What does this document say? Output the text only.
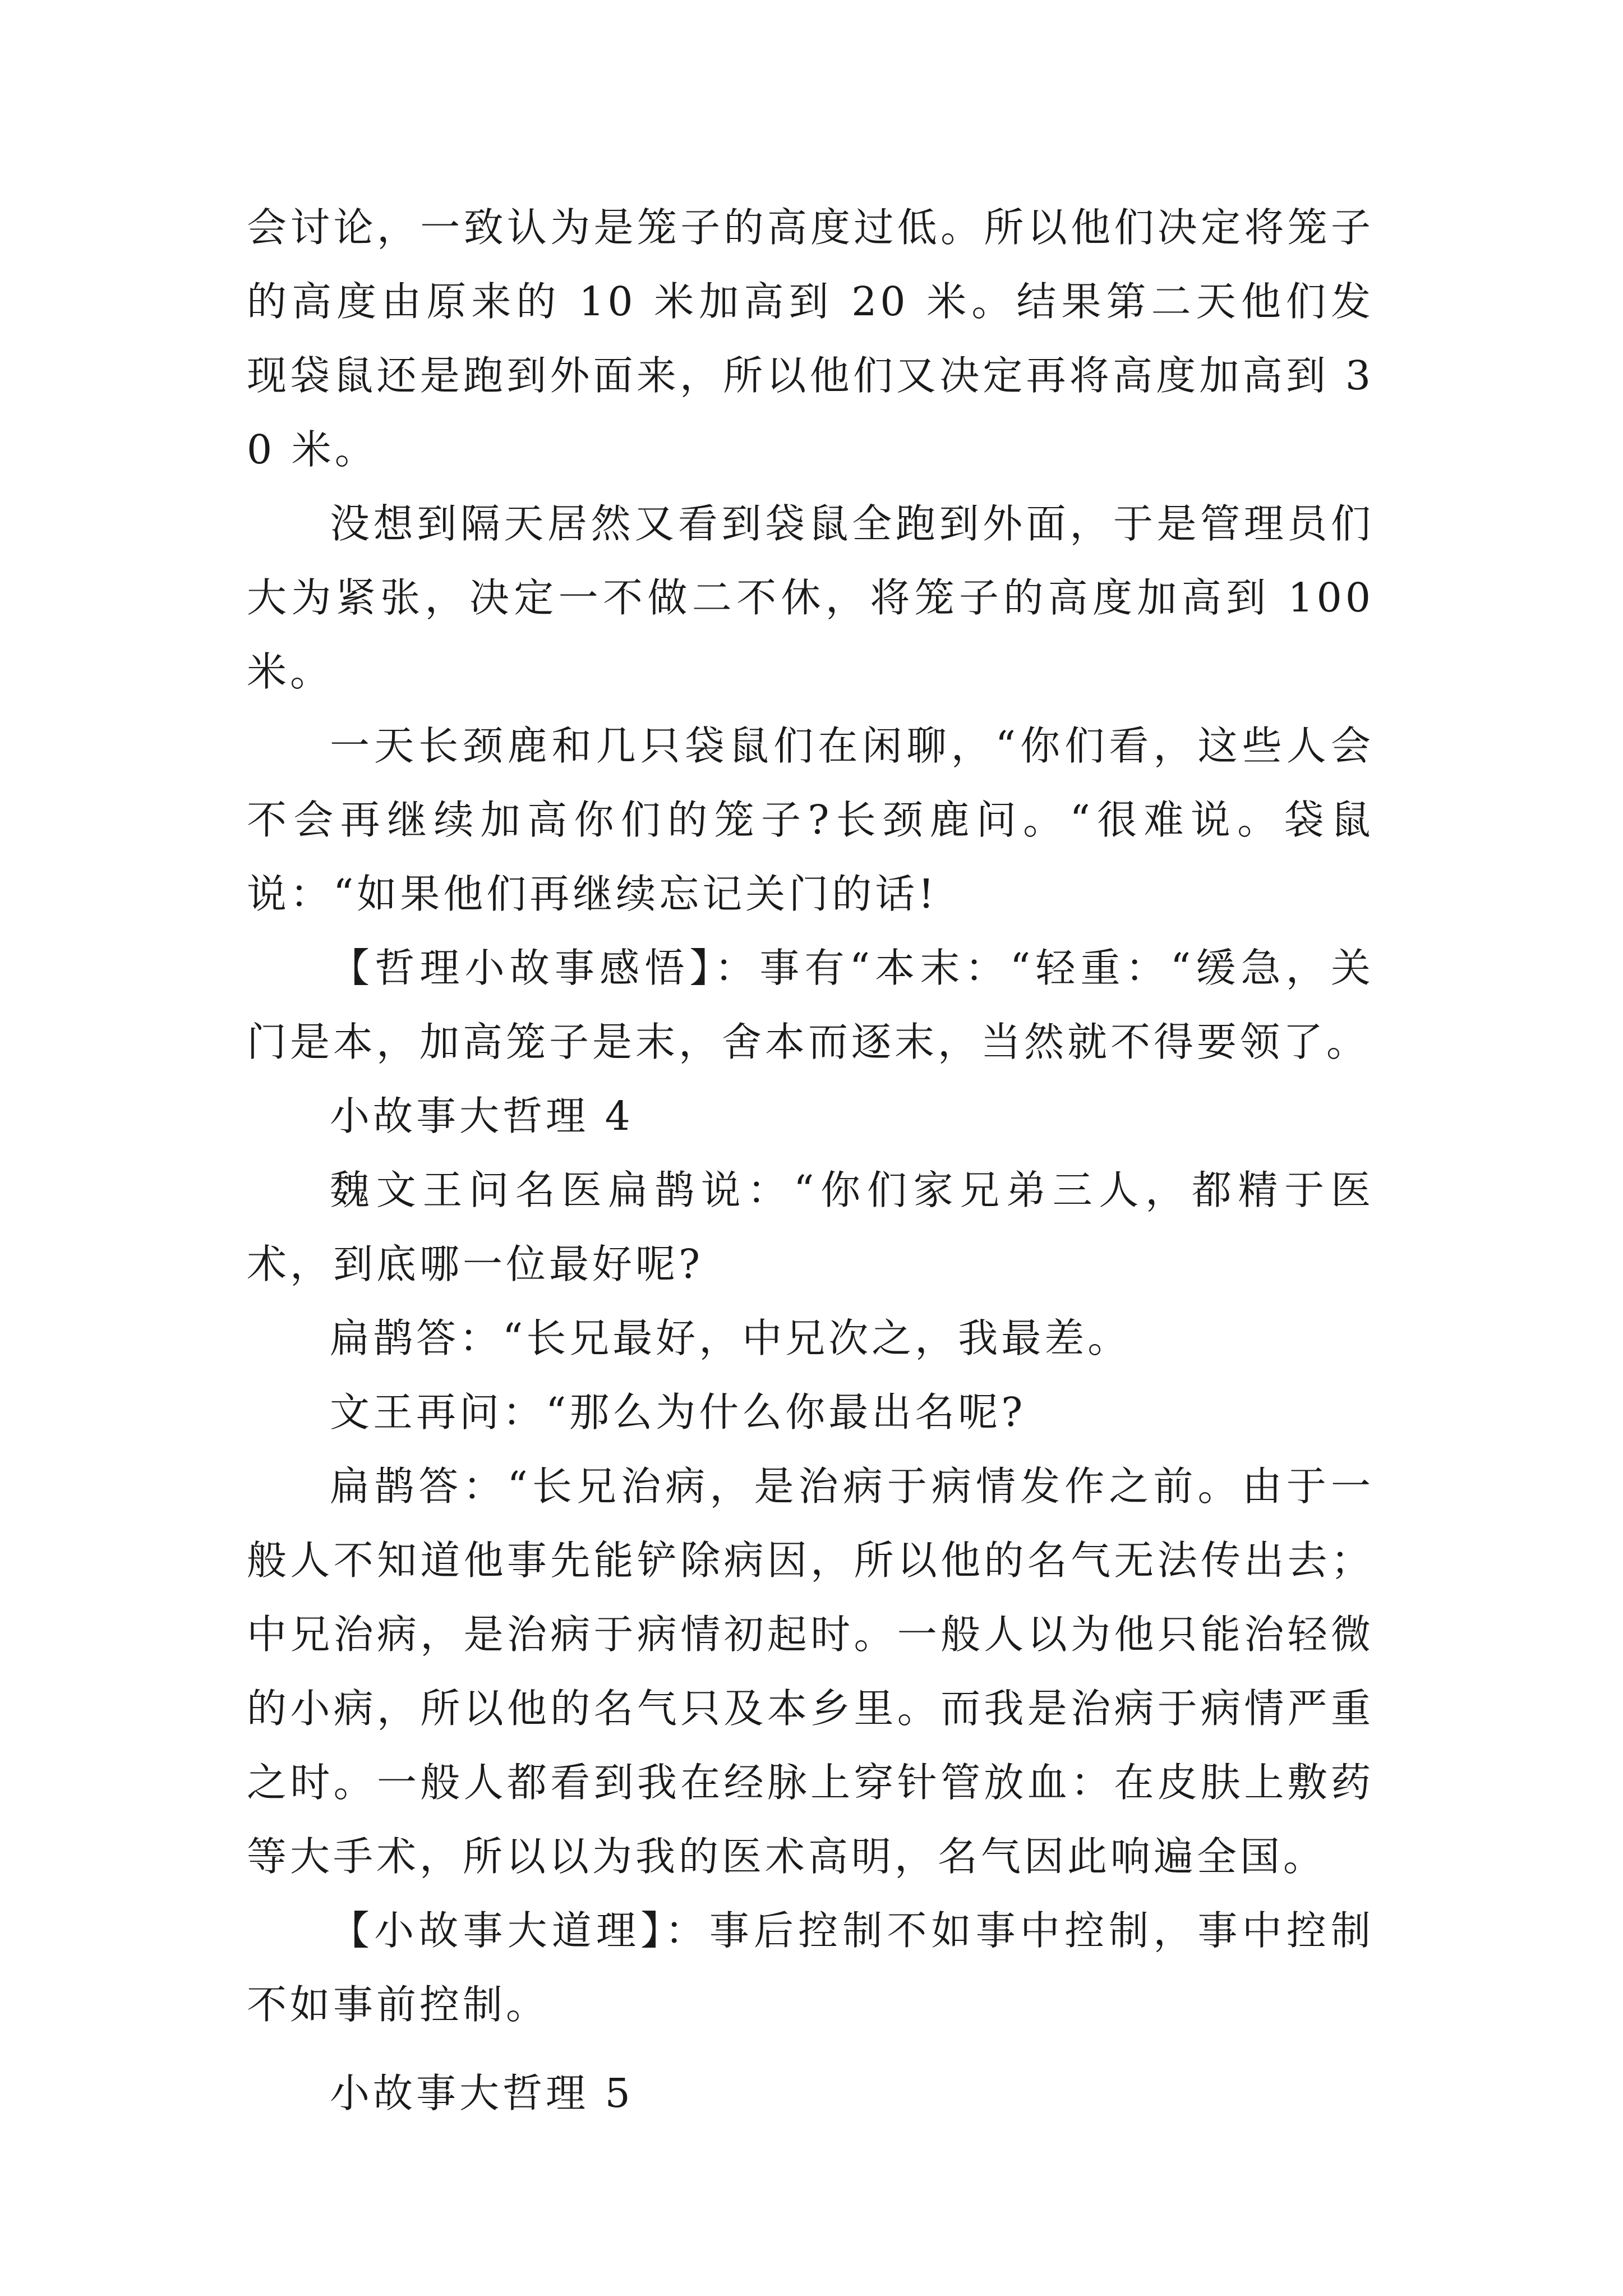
会讨论，一致认为是笼子的高度过低。所以他们决定将笼子的高度由原来的 10 米加高到 20 米。结果第二天他们发现袋鼠还是跑到外面来，所以他们又决定再将高度加高到 30 米。

没想到隔天居然又看到袋鼠全跑到外面，于是管理员们大为紧张，决定一不做二不休，将笼子的高度加高到 100 米。

一天长颈鹿和几只袋鼠们在闲聊，“你们看，这些人会不会再继续加高你们的笼子?长颈鹿问。“很难说。袋鼠说：“如果他们再继续忘记关门的话!

【哲理小故事感悟】：事有“本末：“轻重：“缓急，关门是本，加高笼子是末，舍本而逐末，当然就不得要领了。

小故事大哲理 4

魏文王问名医扁鹊说：“你们家兄弟三人，都精于医术，到底哪一位最好呢?

扁鹊答：“长兄最好，中兄次之，我最差。

文王再问：“那么为什么你最出名呢?

扁鹊答：“长兄治病，是治病于病情发作之前。由于一般人不知道他事先能铲除病因，所以他的名气无法传出去；中兄治病，是治病于病情初起时。一般人以为他只能治轻微的小病，所以他的名气只及本乡里。而我是治病于病情严重之时。一般人都看到我在经脉上穿针管放血：在皮肤上敷药等大手术，所以以为我的医术高明，名气因此响遍全国。

【小故事大道理】：事后控制不如事中控制，事中控制不如事前控制。

小故事大哲理 5
